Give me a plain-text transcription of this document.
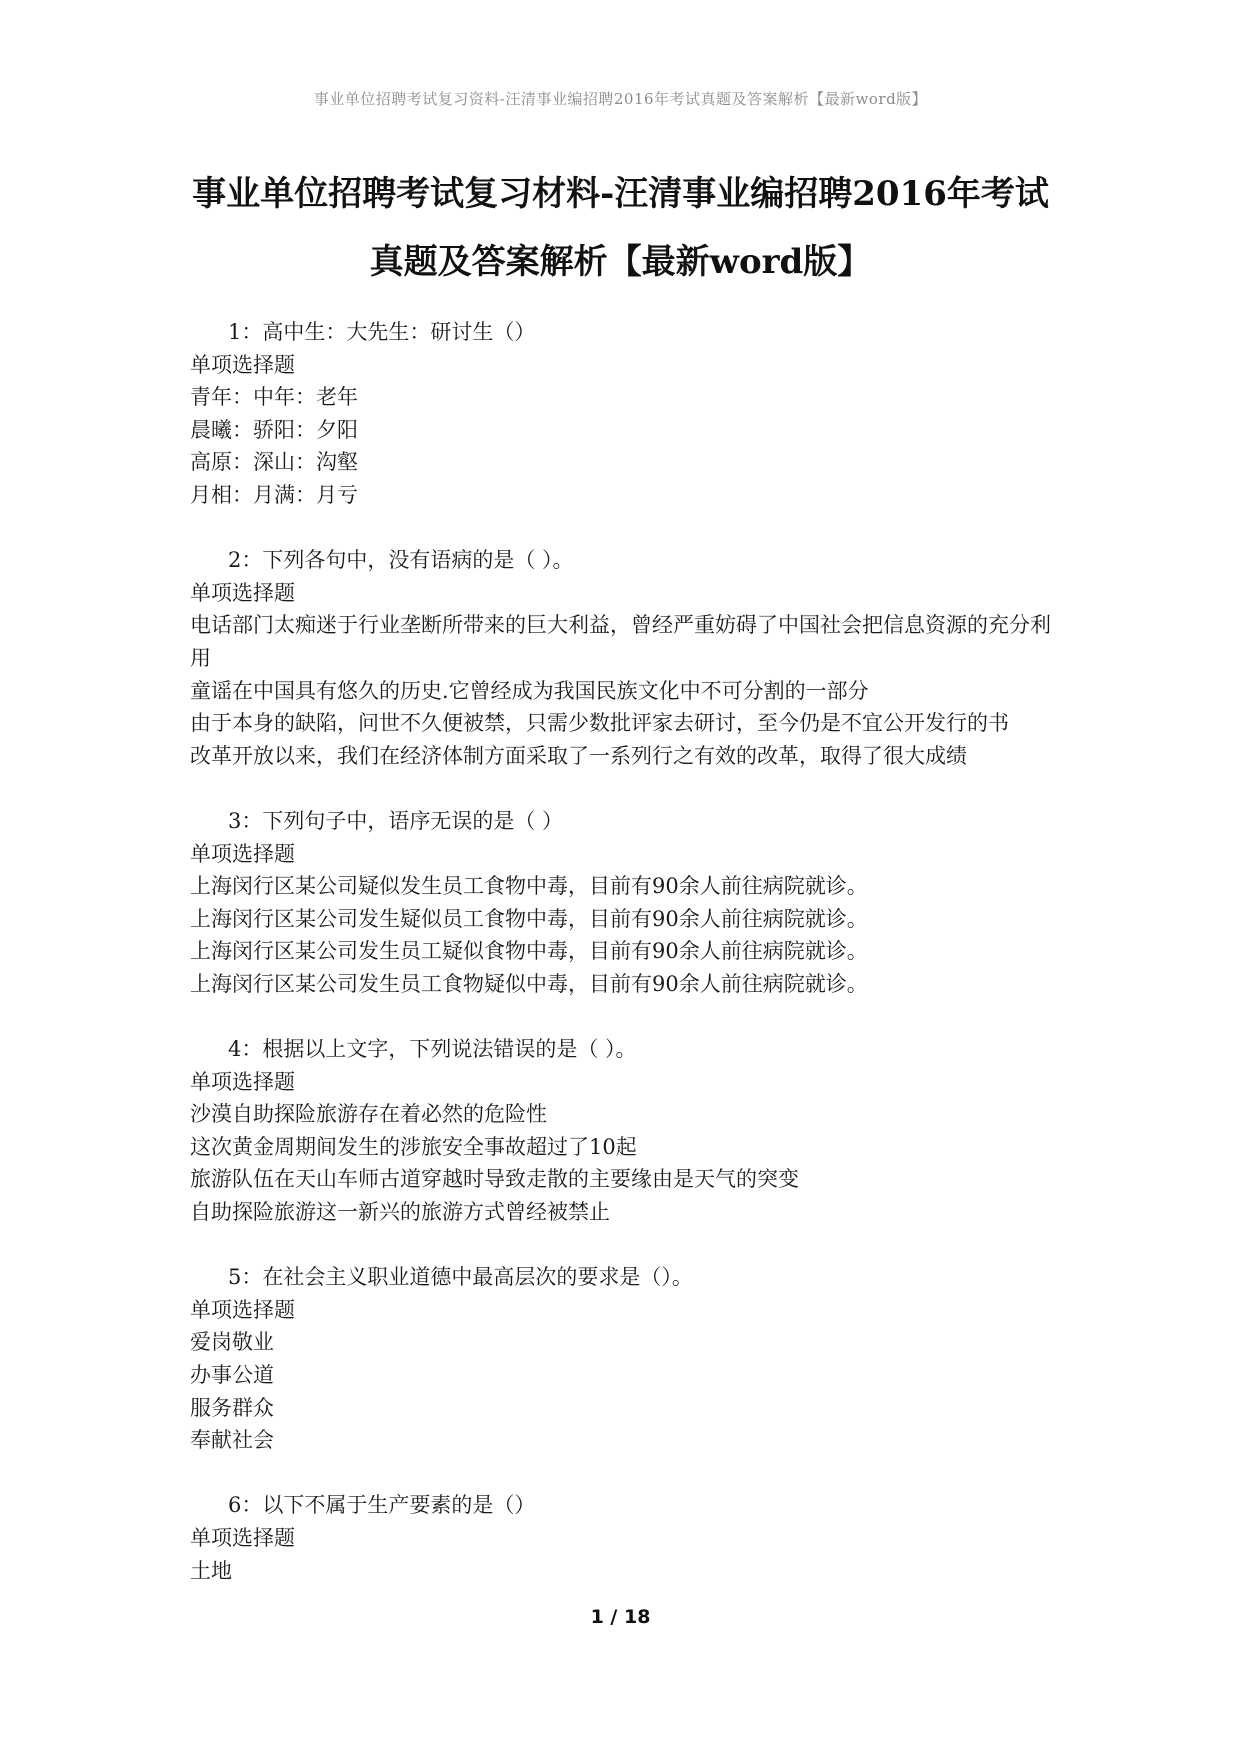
事业单位招聘考试复习资料-汪清事业编招聘2016年考试真题及答案解析【最新word版】
事业单位招聘考试复习材料-汪清事业编招聘2016年考试
真题及答案解析【最新word版】
1：高中生：大先生：研讨生（）
单项选择题
青年：中年：老年
晨曦：骄阳：夕阳
高原：深山：沟壑
月相：月满：月亏
2：下列各句中，没有语病的是（ ）。
单项选择题
电话部门太痴迷于行业垄断所带来的巨大利益，曾经严重妨碍了中国社会把信息资源的充分利用
童谣在中国具有悠久的历史.它曾经成为我国民族文化中不可分割的一部分
由于本身的缺陷，问世不久便被禁，只需少数批评家去研讨，至今仍是不宜公开发行的书
改革开放以来，我们在经济体制方面采取了一系列行之有效的改革，取得了很大成绩
3：下列句子中，语序无误的是（ ）
单项选择题
上海闵行区某公司疑似发生员工食物中毒，目前有90余人前往病院就诊。
上海闵行区某公司发生疑似员工食物中毒，目前有90余人前往病院就诊。
上海闵行区某公司发生员工疑似食物中毒，目前有90余人前往病院就诊。
上海闵行区某公司发生员工食物疑似中毒，目前有90余人前往病院就诊。
4：根据以上文字，下列说法错误的是（ ）。
单项选择题
沙漠自助探险旅游存在着必然的危险性
这次黄金周期间发生的涉旅安全事故超过了10起
旅游队伍在天山车师古道穿越时导致走散的主要缘由是天气的突变
自助探险旅游这一新兴的旅游方式曾经被禁止
5：在社会主义职业道德中最高层次的要求是（）。
单项选择题
爱岗敬业
办事公道
服务群众
奉献社会
6：以下不属于生产要素的是（）
单项选择题
土地
1 / 18
